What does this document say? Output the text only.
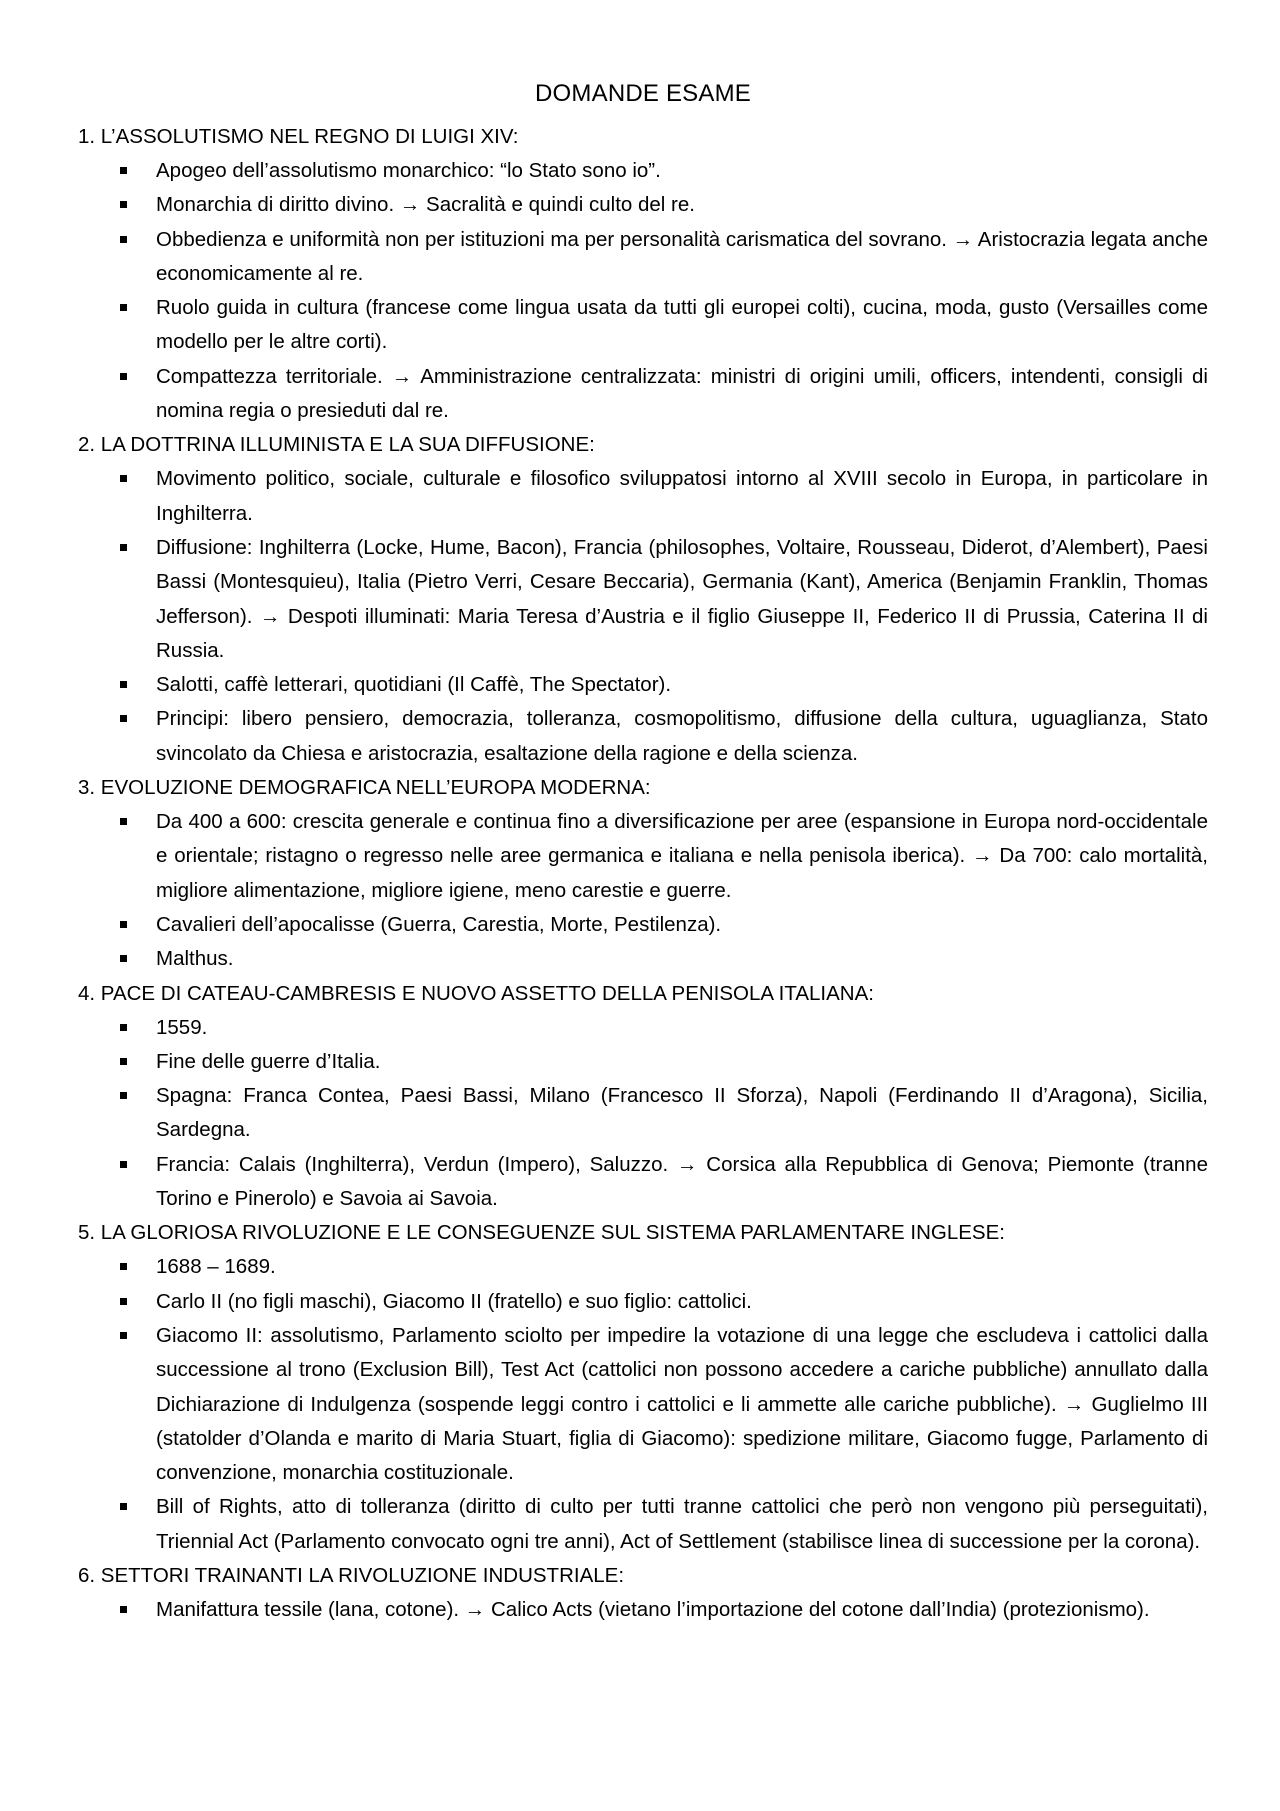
DOMANDE ESAME
1. L’ASSOLUTISMO NEL REGNO DI LUIGI XIV:
Apogeo dell’assolutismo monarchico: “lo Stato sono io”.
Monarchia di diritto divino. → Sacralità e quindi culto del re.
Obbedienza e uniformità non per istituzioni ma per personalità carismatica del sovrano. → Aristocrazia legata anche economicamente al re.
Ruolo guida in cultura (francese come lingua usata da tutti gli europei colti), cucina, moda, gusto (Versailles come modello per le altre corti).
Compattezza territoriale. → Amministrazione centralizzata: ministri di origini umili, officers, intendenti, consigli di nomina regia o presieduti dal re.
2. LA DOTTRINA ILLUMINISTA E LA SUA DIFFUSIONE:
Movimento politico, sociale, culturale e filosofico sviluppatosi intorno al XVIII secolo in Europa, in particolare in Inghilterra.
Diffusione: Inghilterra (Locke, Hume, Bacon), Francia (philosophes, Voltaire, Rousseau, Diderot, d’Alembert), Paesi Bassi (Montesquieu), Italia (Pietro Verri, Cesare Beccaria), Germania (Kant), America (Benjamin Franklin, Thomas Jefferson). → Despoti illuminati: Maria Teresa d’Austria e il figlio Giuseppe II, Federico II di Prussia, Caterina II di Russia.
Salotti, caffè letterari, quotidiani (Il Caffè, The Spectator).
Principi: libero pensiero, democrazia, tolleranza, cosmopolitismo, diffusione della cultura, uguaglianza, Stato svincolato da Chiesa e aristocrazia, esaltazione della ragione e della scienza.
3. EVOLUZIONE DEMOGRAFICA NELL’EUROPA MODERNA:
Da 400 a 600: crescita generale e continua fino a diversificazione per aree (espansione in Europa nord-occidentale e orientale; ristagno o regresso nelle aree germanica e italiana e nella penisola iberica). → Da 700: calo mortalità, migliore alimentazione, migliore igiene, meno carestie e guerre.
Cavalieri dell’apocalisse (Guerra, Carestia, Morte, Pestilenza).
Malthus.
4. PACE DI CATEAU-CAMBRESIS E NUOVO ASSETTO DELLA PENISOLA ITALIANA:
1559.
Fine delle guerre d’Italia.
Spagna: Franca Contea, Paesi Bassi, Milano (Francesco II Sforza), Napoli (Ferdinando II d’Aragona), Sicilia, Sardegna.
Francia: Calais (Inghilterra), Verdun (Impero), Saluzzo. → Corsica alla Repubblica di Genova; Piemonte (tranne Torino e Pinerolo) e Savoia ai Savoia.
5. LA GLORIOSA RIVOLUZIONE E LE CONSEGUENZE SUL SISTEMA PARLAMENTARE INGLESE:
1688 – 1689.
Carlo II (no figli maschi), Giacomo II (fratello) e suo figlio: cattolici.
Giacomo II: assolutismo, Parlamento sciolto per impedire la votazione di una legge che escludeva i cattolici dalla successione al trono (Exclusion Bill), Test Act (cattolici non possono accedere a cariche pubbliche) annullato dalla Dichiarazione di Indulgenza (sospende leggi contro i cattolici e li ammette alle cariche pubbliche). → Guglielmo III (statolder d’Olanda e marito di Maria Stuart, figlia di Giacomo): spedizione militare, Giacomo fugge, Parlamento di convenzione, monarchia costituzionale.
Bill of Rights, atto di tolleranza (diritto di culto per tutti tranne cattolici che però non vengono più perseguitati), Triennial Act (Parlamento convocato ogni tre anni), Act of Settlement (stabilisce linea di successione per la corona).
6. SETTORI TRAINANTI LA RIVOLUZIONE INDUSTRIALE:
Manifattura tessile (lana, cotone). → Calico Acts (vietano l’importazione del cotone dall’India) (protezionismo).
